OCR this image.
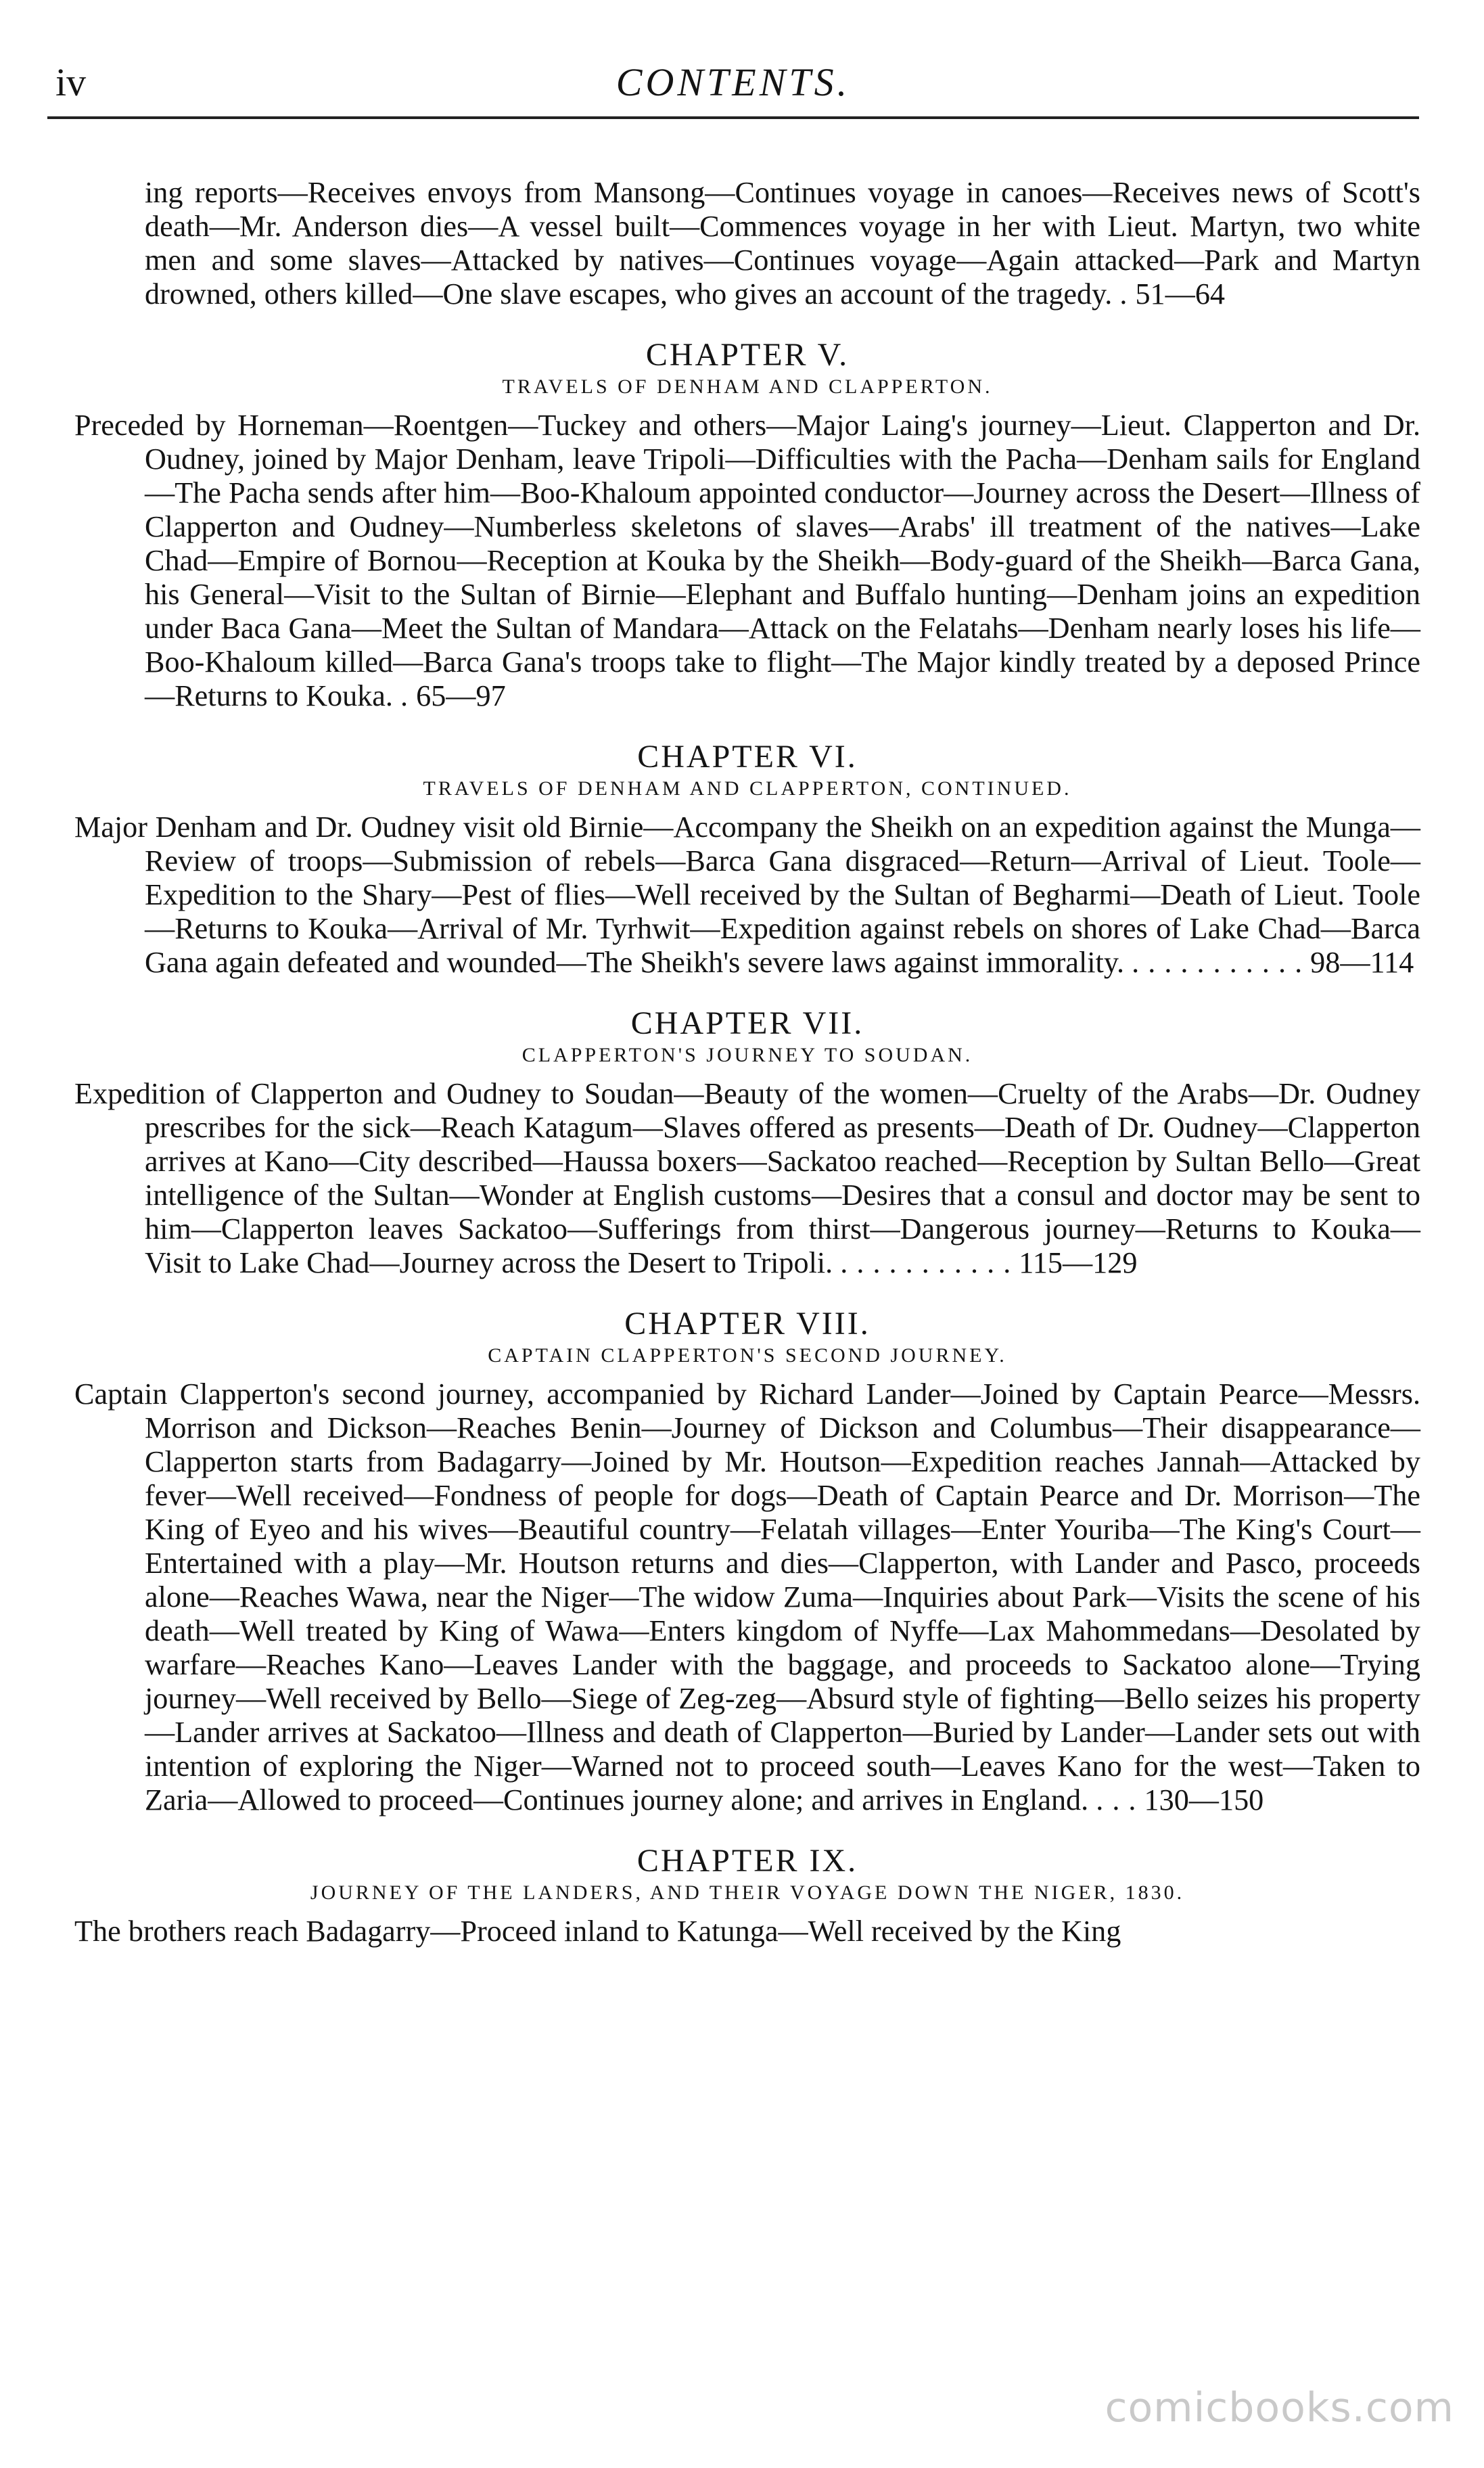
iv	CONTENTS.

ing reports—Receives envoys from Mansong—Continues voyage in canoes—Receives news of Scott's death—Mr. Anderson dies—A vessel built—Commences voyage in her with Lieut. Martyn, two white men and some slaves—Attacked by natives—Continues voyage—Again attacked—Park and Martyn drowned, others killed—One slave escapes, who gives an account of the tragedy. . 51—64

CHAPTER V.
TRAVELS OF DENHAM AND CLAPPERTON.

Preceded by Horneman—Roentgen—Tuckey and others—Major Laing's journey—Lieut. Clapperton and Dr. Oudney, joined by Major Denham, leave Tripoli—Difficulties with the Pacha—Denham sails for England—The Pacha sends after him—Boo-Khaloum appointed conductor—Journey across the Desert—Illness of Clapperton and Oudney—Numberless skeletons of slaves—Arabs' ill treatment of the natives—Lake Chad—Empire of Bornou—Reception at Kouka by the Sheikh—Body-guard of the Sheikh—Barca Gana, his General—Visit to the Sultan of Birnie—Elephant and Buffalo hunting—Denham joins an expedition under Baca Gana—Meet the Sultan of Mandara—Attack on the Felatahs—Denham nearly loses his life—Boo-Khaloum killed—Barca Gana's troops take to flight—The Major kindly treated by a deposed Prince—Returns to Kouka. . 65—97

CHAPTER VI.
TRAVELS OF DENHAM AND CLAPPERTON, CONTINUED.

Major Denham and Dr. Oudney visit old Birnie—Accompany the Sheikh on an expedition against the Munga—Review of troops—Submission of rebels—Barca Gana disgraced—Return—Arrival of Lieut. Toole—Expedition to the Shary—Pest of flies—Well received by the Sultan of Begharmi—Death of Lieut. Toole—Returns to Kouka—Arrival of Mr. Tyrhwit—Expedition against rebels on shores of Lake Chad—Barca Gana again defeated and wounded—The Sheikh's severe laws against immorality. . . . . . . . . . . . 98—114

CHAPTER VII.
CLAPPERTON'S JOURNEY TO SOUDAN.

Expedition of Clapperton and Oudney to Soudan—Beauty of the women—Cruelty of the Arabs—Dr. Oudney prescribes for the sick—Reach Katagum—Slaves offered as presents—Death of Dr. Oudney—Clapperton arrives at Kano—City described—Haussa boxers—Sackatoo reached—Reception by Sultan Bello—Great intelligence of the Sultan—Wonder at English customs—Desires that a consul and doctor may be sent to him—Clapperton leaves Sackatoo—Sufferings from thirst—Dangerous journey—Returns to Kouka—Visit to Lake Chad—Journey across the Desert to Tripoli. . . . . . . . . . . . 115—129

CHAPTER VIII.
CAPTAIN CLAPPERTON'S SECOND JOURNEY.

Captain Clapperton's second journey, accompanied by Richard Lander—Joined by Captain Pearce—Messrs. Morrison and Dickson—Reaches Benin—Journey of Dickson and Columbus—Their disappearance—Clapperton starts from Badagarry—Joined by Mr. Houtson—Expedition reaches Jannah—Attacked by fever—Well received—Fondness of people for dogs—Death of Captain Pearce and Dr. Morrison—The King of Eyeo and his wives—Beautiful country—Felatah villages—Enter Youriba—The King's Court—Entertained with a play—Mr. Houtson returns and dies—Clapperton, with Lander and Pasco, proceeds alone—Reaches Wawa, near the Niger—The widow Zuma—Inquiries about Park—Visits the scene of his death—Well treated by King of Wawa—Enters kingdom of Nyffe—Lax Mahommedans—Desolated by warfare—Reaches Kano—Leaves Lander with the baggage, and proceeds to Sackatoo alone—Trying journey—Well received by Bello—Siege of Zeg-zeg—Absurd style of fighting—Bello seizes his property—Lander arrives at Sackatoo—Illness and death of Clapperton—Buried by Lander—Lander sets out with intention of exploring the Niger—Warned not to proceed south—Leaves Kano for the west—Taken to Zaria—Allowed to proceed—Continues journey alone; and arrives in England. . . . 130—150

CHAPTER IX.
JOURNEY OF THE LANDERS, AND THEIR VOYAGE DOWN THE NIGER, 1830.

The brothers reach Badagarry—Proceed inland to Katunga—Well received by the King

comicbooks.com
